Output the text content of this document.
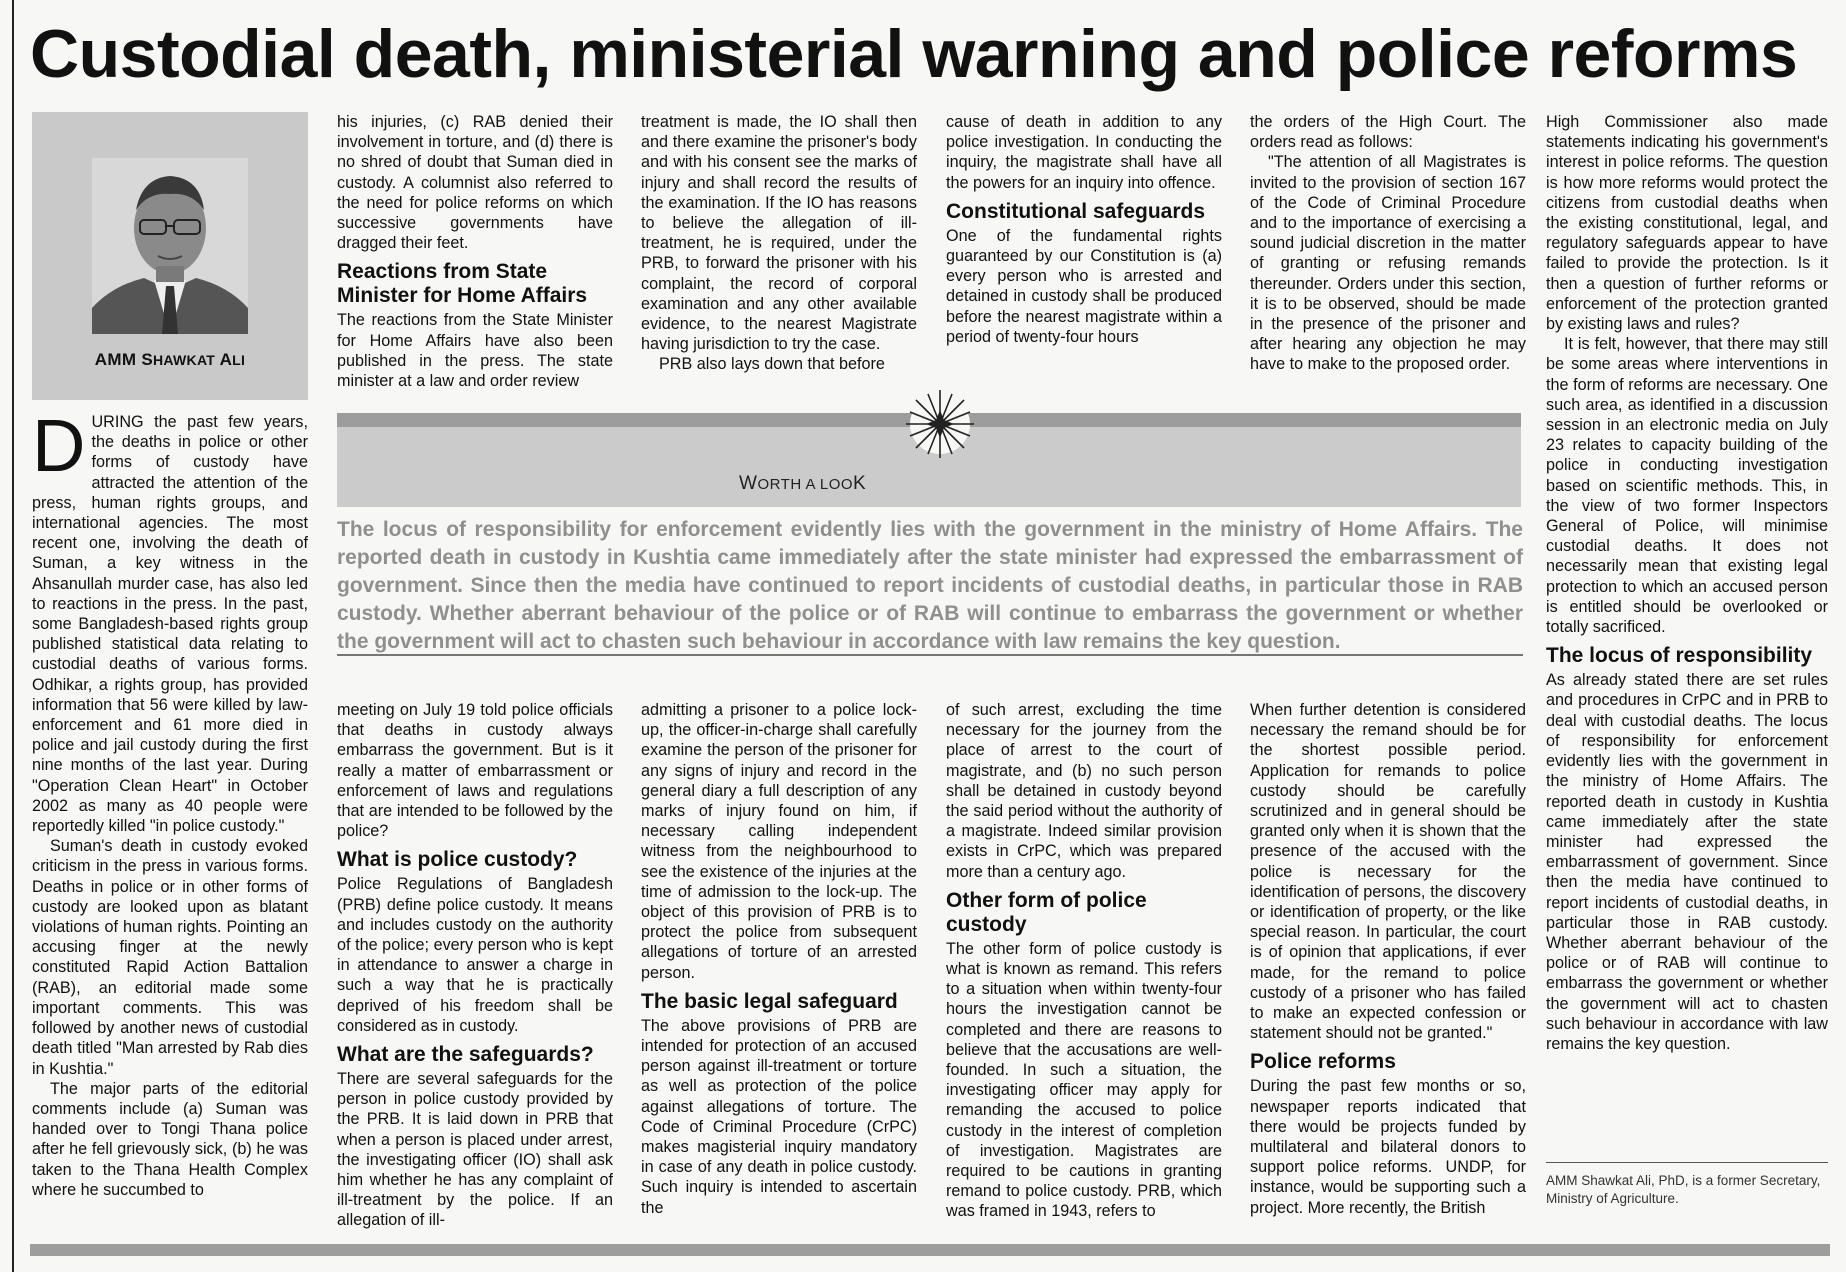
Custodial death, ministerial warning and police reforms
AMM SHAWKAT ALI

DURING the past few years, the deaths in police or other forms of custody have attracted the attention of the press, human rights groups, and international agencies. The most recent one, involving the death of Suman, a key witness in the Ahsanullah murder case, has also led to reactions in the press. In the past, some Bangladesh-based rights group published statistical data relating to custodial deaths of various forms. Odhikar, a rights group, has provided information that 56 were killed by law-enforcement and 61 more died in police and jail custody during the first nine months of the last year. During "Operation Clean Heart" in October 2002 as many as 40 people were reportedly killed "in police custody."

Suman's death in custody evoked criticism in the press in various forms. Deaths in police or in other forms of custody are looked upon as blatant violations of human rights. Pointing an accusing finger at the newly constituted Rapid Action Battalion (RAB), an editorial made some important comments. This was followed by another news of custodial death titled "Man arrested by Rab dies in Kushtia."

The major parts of the editorial comments include (a) Suman was handed over to Tongi Thana police after he fell grievously sick, (b) he was taken to the Thana Health Complex where he succumbed to

his injuries, (c) RAB denied their involvement in torture, and (d) there is no shred of doubt that Suman died in custody. A columnist also referred to the need for police reforms on which successive governments have dragged their feet.

Reactions from State Minister for Home Affairs

The reactions from the State Minister for Home Affairs have also been published in the press. The state minister at a law and order review

treatment is made, the IO shall then and there examine the prisoner's body and with his consent see the marks of injury and shall record the results of the examination. If the IO has reasons to believe the allegation of ill-treatment, he is required, under the PRB, to forward the prisoner with his complaint, the record of corporal examination and any other available evidence, to the nearest Magistrate having jurisdiction to try the case.

PRB also lays down that before

cause of death in addition to any police investigation. In conducting the inquiry, the magistrate shall have all the powers for an inquiry into offence.

Constitutional safeguards

One of the fundamental rights guaranteed by our Constitution is (a) every person who is arrested and detained in custody shall be produced before the nearest magistrate within a period of twenty-four hours

the orders of the High Court. The orders read as follows:

"The attention of all Magistrates is invited to the provision of section 167 of the Code of Criminal Procedure and to the importance of exercising a sound judicial discretion in the matter of granting or refusing remands thereunder. Orders under this section, it is to be observed, should be made in the presence of the prisoner and after hearing any objection he may have to make to the proposed order.

WORTH A LOOK
The locus of responsibility for enforcement evidently lies with the government in the ministry of Home Affairs. The reported death in custody in Kushtia came immediately after the state minister had expressed the embarrassment of government. Since then the media have continued to report incidents of custodial deaths, in particular those in RAB custody. Whether aberrant behaviour of the police or of RAB will continue to embarrass the government or whether the government will act to chasten such behaviour in accordance with law remains the key question.

meeting on July 19 told police officials that deaths in custody always embarrass the government. But is it really a matter of embarrassment or enforcement of laws and regulations that are intended to be followed by the police?

What is police custody?

Police Regulations of Bangladesh (PRB) define police custody. It means and includes custody on the authority of the police; every person who is kept in attendance to answer a charge in such a way that he is practically deprived of his freedom shall be considered as in custody.

What are the safeguards?

There are several safeguards for the person in police custody provided by the PRB. It is laid down in PRB that when a person is placed under arrest, the investigating officer (IO) shall ask him whether he has any complaint of ill-treatment by the police. If an allegation of ill-

admitting a prisoner to a police lock-up, the officer-in-charge shall carefully examine the person of the prisoner for any signs of injury and record in the general diary a full description of any marks of injury found on him, if necessary calling independent witness from the neighbourhood to see the existence of the injuries at the time of admission to the lock-up. The object of this provision of PRB is to protect the police from subsequent allegations of torture of an arrested person.

The basic legal safeguard

The above provisions of PRB are intended for protection of an accused person against ill-treatment or torture as well as protection of the police against allegations of torture. The Code of Criminal Procedure (CrPC) makes magisterial inquiry mandatory in case of any death in police custody. Such inquiry is intended to ascertain the

of such arrest, excluding the time necessary for the journey from the place of arrest to the court of magistrate, and (b) no such person shall be detained in custody beyond the said period without the authority of a magistrate. Indeed similar provision exists in CrPC, which was prepared more than a century ago.

Other form of police custody

The other form of police custody is what is known as remand. This refers to a situation when within twenty-four hours the investigation cannot be completed and there are reasons to believe that the accusations are well-founded. In such a situation, the investigating officer may apply for remanding the accused to police custody in the interest of completion of investigation. Magistrates are required to be cautions in granting remand to police custody. PRB, which was framed in 1943, refers to

When further detention is considered necessary the remand should be for the shortest possible period. Application for remands to police custody should be carefully scrutinized and in general should be granted only when it is shown that the presence of the accused with the police is necessary for the identification of persons, the discovery or identification of property, or the like special reason. In particular, the court is of opinion that applications, if ever made, for the remand to police custody of a prisoner who has failed to make an expected confession or statement should not be granted."

Police reforms

During the past few months or so, newspaper reports indicated that there would be projects funded by multilateral and bilateral donors to support police reforms. UNDP, for instance, would be supporting such a project. More recently, the British

High Commissioner also made statements indicating his government's interest in police reforms. The question is how more reforms would protect the citizens from custodial deaths when the existing constitutional, legal, and regulatory safeguards appear to have failed to provide the protection. Is it then a question of further reforms or enforcement of the protection granted by existing laws and rules?

It is felt, however, that there may still be some areas where interventions in the form of reforms are necessary. One such area, as identified in a discussion session in an electronic media on July 23 relates to capacity building of the police in conducting investigation based on scientific methods. This, in the view of two former Inspectors General of Police, will minimise custodial deaths. It does not necessarily mean that existing legal protection to which an accused person is entitled should be overlooked or totally sacrificed.

The locus of responsibility

As already stated there are set rules and procedures in CrPC and in PRB to deal with custodial deaths. The locus of responsibility for enforcement evidently lies with the government in the ministry of Home Affairs. The reported death in custody in Kushtia came immediately after the state minister had expressed the embarrassment of government. Since then the media have continued to report incidents of custodial deaths, in particular those in RAB custody. Whether aberrant behaviour of the police or of RAB will continue to embarrass the government or whether the government will act to chasten such behaviour in accordance with law remains the key question.

AMM Shawkat Ali, PhD, is a former Secretary, Ministry of Agriculture.
